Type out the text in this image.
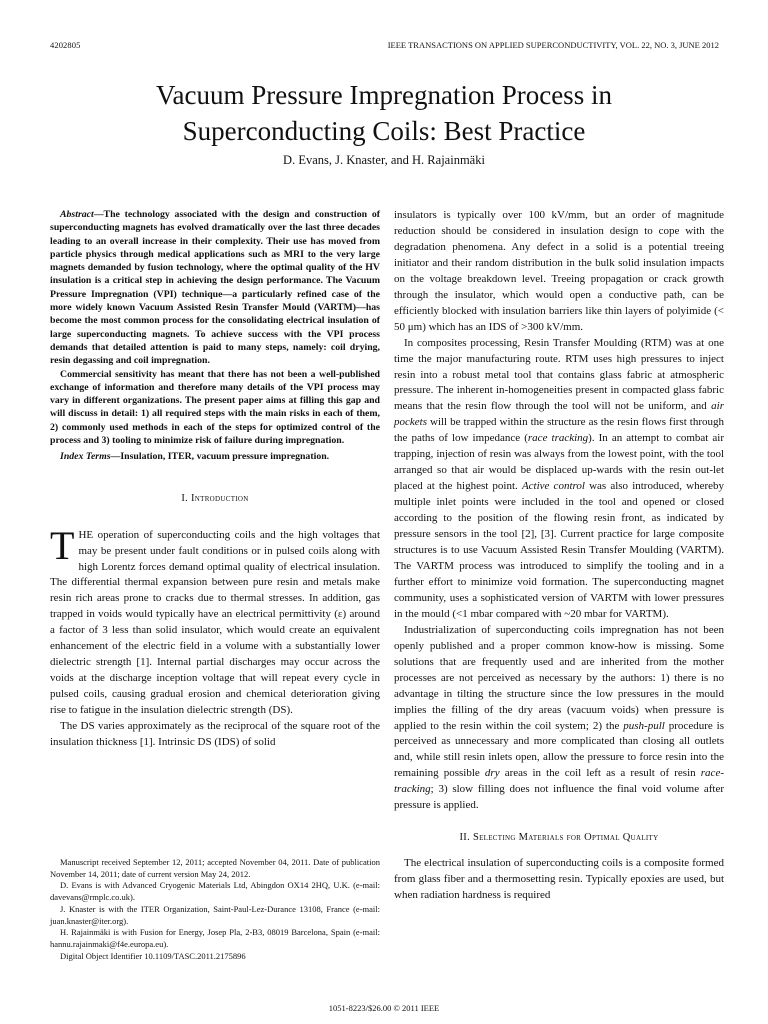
4202805	IEEE TRANSACTIONS ON APPLIED SUPERCONDUCTIVITY, VOL. 22, NO. 3, JUNE 2012
Vacuum Pressure Impregnation Process in
Superconducting Coils: Best Practice
D. Evans, J. Knaster, and H. Rajainmäki

Abstract—The technology associated with the design and construction of superconducting magnets has evolved dramatically over the last three decades leading to an overall increase in their complexity. Their use has moved from particle physics through medical applications such as MRI to the very large magnets demanded by fusion technology, where the optimal quality of the HV insulation is a critical step in achieving the design performance. The Vacuum Pressure Impregnation (VPI) technique—a particularly refined case of the more widely known Vacuum Assisted Resin Transfer Mould (VARTM)—has become the most common process for the consolidating electrical insulation of large superconducting magnets. To achieve success with the VPI process demands that detailed attention is paid to many steps, namely: coil drying, resin degassing and coil impregnation.

Commercial sensitivity has meant that there has not been a well-published exchange of information and therefore many details of the VPI process may vary in different organizations. The present paper aims at filling this gap and will discuss in detail: 1) all required steps with the main risks in each of them, 2) commonly used methods in each of the steps for optimized control of the process and 3) tooling to minimize risk of failure during impregnation.

Index Terms—Insulation, ITER, vacuum pressure impregnation.

I. Introduction

THE operation of superconducting coils and the high voltages that may be present under fault conditions or in pulsed coils along with high Lorentz forces demand optimal quality of electrical insulation. The differential thermal expansion between pure resin and metals make resin rich areas prone to cracks due to thermal stresses. In addition, gas trapped in voids would typically have an electrical permittivity (ε) around a factor of 3 less than solid insulator, which would create an equivalent enhancement of the electric field in a volume with a substantially lower dielectric strength [1]. Internal partial discharges may occur across the voids at the discharge inception voltage that will repeat every cycle in pulsed coils, causing gradual erosion and chemical deterioration giving rise to fatigue in the insulation dielectric strength (DS).

The DS varies approximately as the reciprocal of the square root of the insulation thickness [1]. Intrinsic DS (IDS) of solid

insulators is typically over 100 kV/mm, but an order of magnitude reduction should be considered in insulation design to cope with the degradation phenomena. Any defect in a solid is a potential treeing initiator and their random distribution in the bulk solid insulation impacts on the voltage breakdown level. Treeing propagation or crack growth through the insulator, which would open a conductive path, can be efficiently blocked with insulation barriers like thin layers of polyimide (< 50 μm) which has an IDS of >300 kV/mm.

In composites processing, Resin Transfer Moulding (RTM) was at one time the major manufacturing route. RTM uses high pressures to inject resin into a robust metal tool that contains glass fabric at atmospheric pressure. The inherent in-homogeneities present in compacted glass fabric means that the resin flow through the tool will not be uniform, and air pockets will be trapped within the structure as the resin flows first through the paths of low impedance (race tracking). In an attempt to combat air trapping, injection of resin was always from the lowest point, with the tool arranged so that air would be displaced up-wards with the resin out-let placed at the highest point. Active control was also introduced, whereby multiple inlet points were included in the tool and opened or closed according to the position of the flowing resin front, as indicated by pressure sensors in the tool [2], [3]. Current practice for large composite structures is to use Vacuum Assisted Resin Transfer Moulding (VARTM). The VARTM process was introduced to simplify the tooling and in a further effort to minimize void formation. The superconducting magnet community, uses a sophisticated version of VARTM with lower pressures in the mould (<1 mbar compared with ~20 mbar for VARTM).

Industrialization of superconducting coils impregnation has not been openly published and a proper common know-how is missing. Some solutions that are frequently used and are inherited from the mother processes are not perceived as necessary by the authors: 1) there is no advantage in tilting the structure since the low pressures in the mould implies the filling of the dry areas (vacuum voids) when pressure is applied to the resin within the coil system; 2) the push-pull procedure is perceived as unnecessary and more complicated than closing all outlets and, while still resin inlets open, allow the pressure to force resin into the remaining possible dry areas in the coil left as a result of resin race-tracking; 3) slow filling does not influence the final void volume after pressure is applied.

II. Selecting Materials for Optimal Quality

The electrical insulation of superconducting coils is a composite formed from glass fiber and a thermosetting resin. Typically epoxies are used, but when radiation hardness is required

Manuscript received September 12, 2011; accepted November 04, 2011. Date of publication November 14, 2011; date of current version May 24, 2012.

D. Evans is with Advanced Cryogenic Materials Ltd, Abingdon OX14 2HQ, U.K. (e-mail: davevans@rmplc.co.uk).

J. Knaster is with the ITER Organization, Saint-Paul-Lez-Durance 13108, France (e-mail: juan.knaster@iter.org).

H. Rajainmäki is with Fusion for Energy, Josep Pla, 2-B3, 08019 Barcelona, Spain (e-mail: hannu.rajainmaki@f4e.europa.eu).

Digital Object Identifier 10.1109/TASC.2011.2175896

1051-8223/$26.00 © 2011 IEEE
